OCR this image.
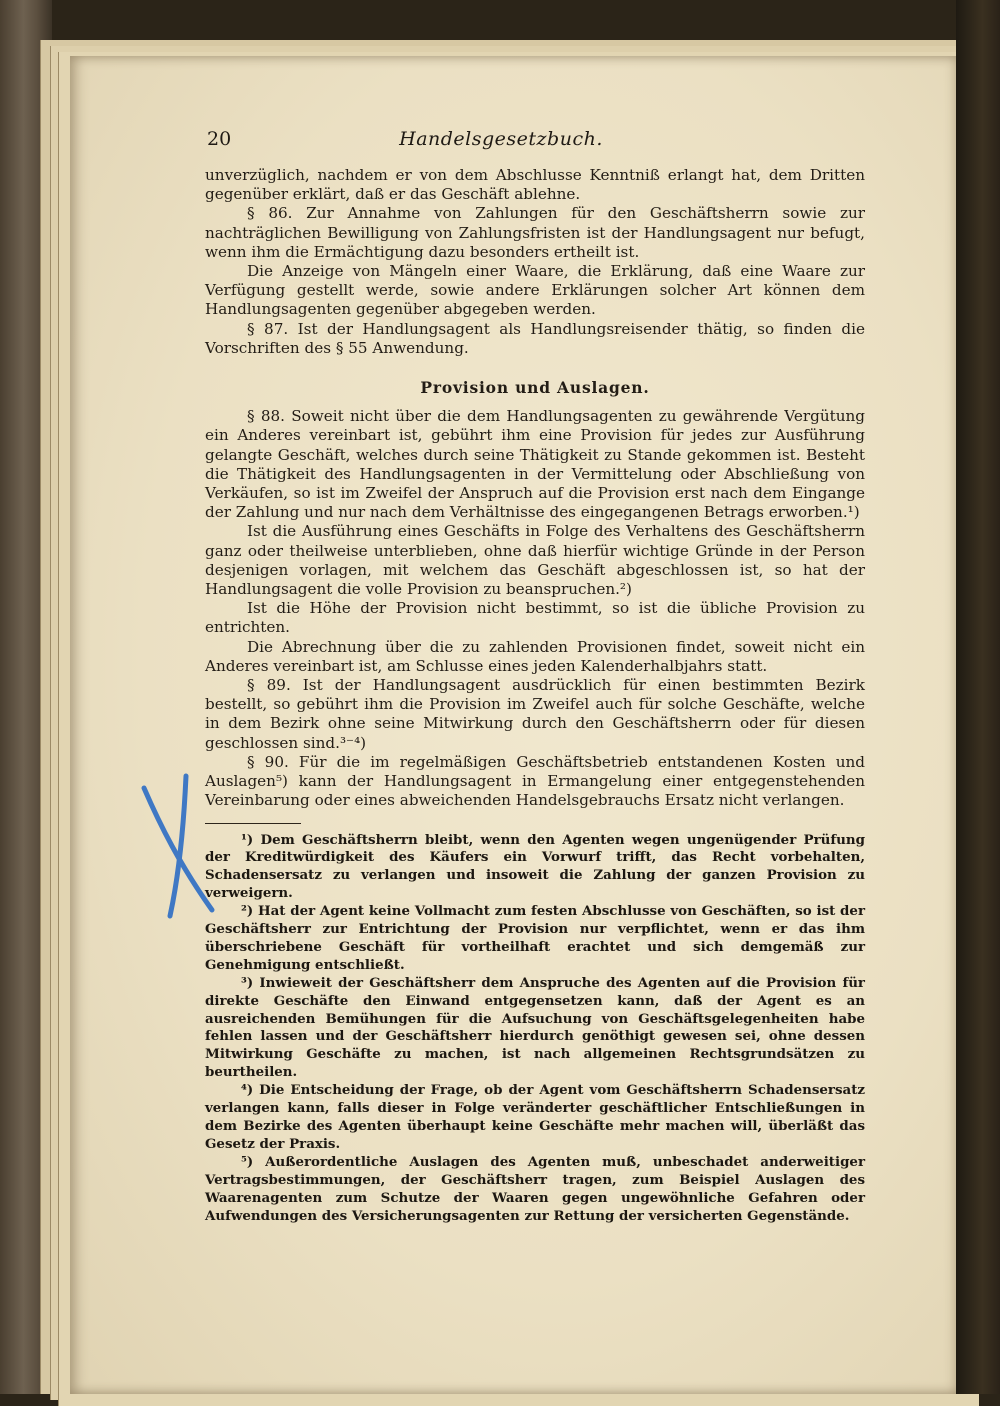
20	Handelsgesetzbuch.

unverzüglich, nachdem er von dem Abschlusse Kenntniß erlangt hat, dem Dritten gegenüber erklärt, daß er das Geschäft ablehne.

§ 86. Zur Annahme von Zahlungen für den Geschäftsherrn sowie zur nachträglichen Bewilligung von Zahlungsfristen ist der Handlungsagent nur befugt, wenn ihm die Ermächtigung dazu besonders ertheilt ist.

Die Anzeige von Mängeln einer Waare, die Erklärung, daß eine Waare zur Verfügung gestellt werde, sowie andere Erklärungen solcher Art können dem Handlungsagenten gegenüber abgegeben werden.

§ 87. Ist der Handlungsagent als Handlungsreisender thätig, so finden die Vorschriften des § 55 Anwendung.

Provision und Auslagen.

§ 88. Soweit nicht über die dem Handlungsagenten zu gewährende Vergütung ein Anderes vereinbart ist, gebührt ihm eine Provision für jedes zur Ausführung gelangte Geschäft, welches durch seine Thätigkeit zu Stande gekommen ist. Besteht die Thätigkeit des Handlungsagenten in der Vermittelung oder Abschließung von Verkäufen, so ist im Zweifel der Anspruch auf die Provision erst nach dem Eingange der Zahlung und nur nach dem Verhältnisse des eingegangenen Betrags erworben.¹)

Ist die Ausführung eines Geschäfts in Folge des Verhaltens des Geschäftsherrn ganz oder theilweise unterblieben, ohne daß hierfür wichtige Gründe in der Person desjenigen vorlagen, mit welchem das Geschäft abgeschlossen ist, so hat der Handlungsagent die volle Provision zu beanspruchen.²)

Ist die Höhe der Provision nicht bestimmt, so ist die übliche Provision zu entrichten.

Die Abrechnung über die zu zahlenden Provisionen findet, soweit nicht ein Anderes vereinbart ist, am Schlusse eines jeden Kalenderhalbjahrs statt.

§ 89. Ist der Handlungsagent ausdrücklich für einen bestimmten Bezirk bestellt, so gebührt ihm die Provision im Zweifel auch für solche Geschäfte, welche in dem Bezirk ohne seine Mitwirkung durch den Geschäftsherrn oder für diesen geschlossen sind.³⁻⁴)

§ 90. Für die im regelmäßigen Geschäftsbetrieb entstandenen Kosten und Auslagen⁵) kann der Handlungsagent in Ermangelung einer entgegenstehenden Vereinbarung oder eines abweichenden Handelsgebrauchs Ersatz nicht verlangen.

¹) Dem Geschäftsherrn bleibt, wenn den Agenten wegen ungenügender Prüfung der Kreditwürdigkeit des Käufers ein Vorwurf trifft, das Recht vorbehalten, Schadensersatz zu verlangen und insoweit die Zahlung der ganzen Provision zu verweigern.

²) Hat der Agent keine Vollmacht zum festen Abschlusse von Geschäften, so ist der Geschäftsherr zur Entrichtung der Provision nur verpflichtet, wenn er das ihm überschriebene Geschäft für vortheilhaft erachtet und sich demgemäß zur Genehmigung entschließt.

³) Inwieweit der Geschäftsherr dem Anspruche des Agenten auf die Provision für direkte Geschäfte den Einwand entgegensetzen kann, daß der Agent es an ausreichenden Bemühungen für die Aufsuchung von Geschäftsgelegenheiten habe fehlen lassen und der Geschäftsherr hierdurch genöthigt gewesen sei, ohne dessen Mitwirkung Geschäfte zu machen, ist nach allgemeinen Rechtsgrundsätzen zu beurtheilen.

⁴) Die Entscheidung der Frage, ob der Agent vom Geschäftsherrn Schadensersatz verlangen kann, falls dieser in Folge veränderter geschäftlicher Entschließungen in dem Bezirke des Agenten überhaupt keine Geschäfte mehr machen will, überläßt das Gesetz der Praxis.

⁵) Außerordentliche Auslagen des Agenten muß, unbeschadet anderweitiger Vertragsbestimmungen, der Geschäftsherr tragen, zum Beispiel Auslagen des Waarenagenten zum Schutze der Waaren gegen ungewöhnliche Gefahren oder Aufwendungen des Versicherungsagenten zur Rettung der versicherten Gegenstände.
